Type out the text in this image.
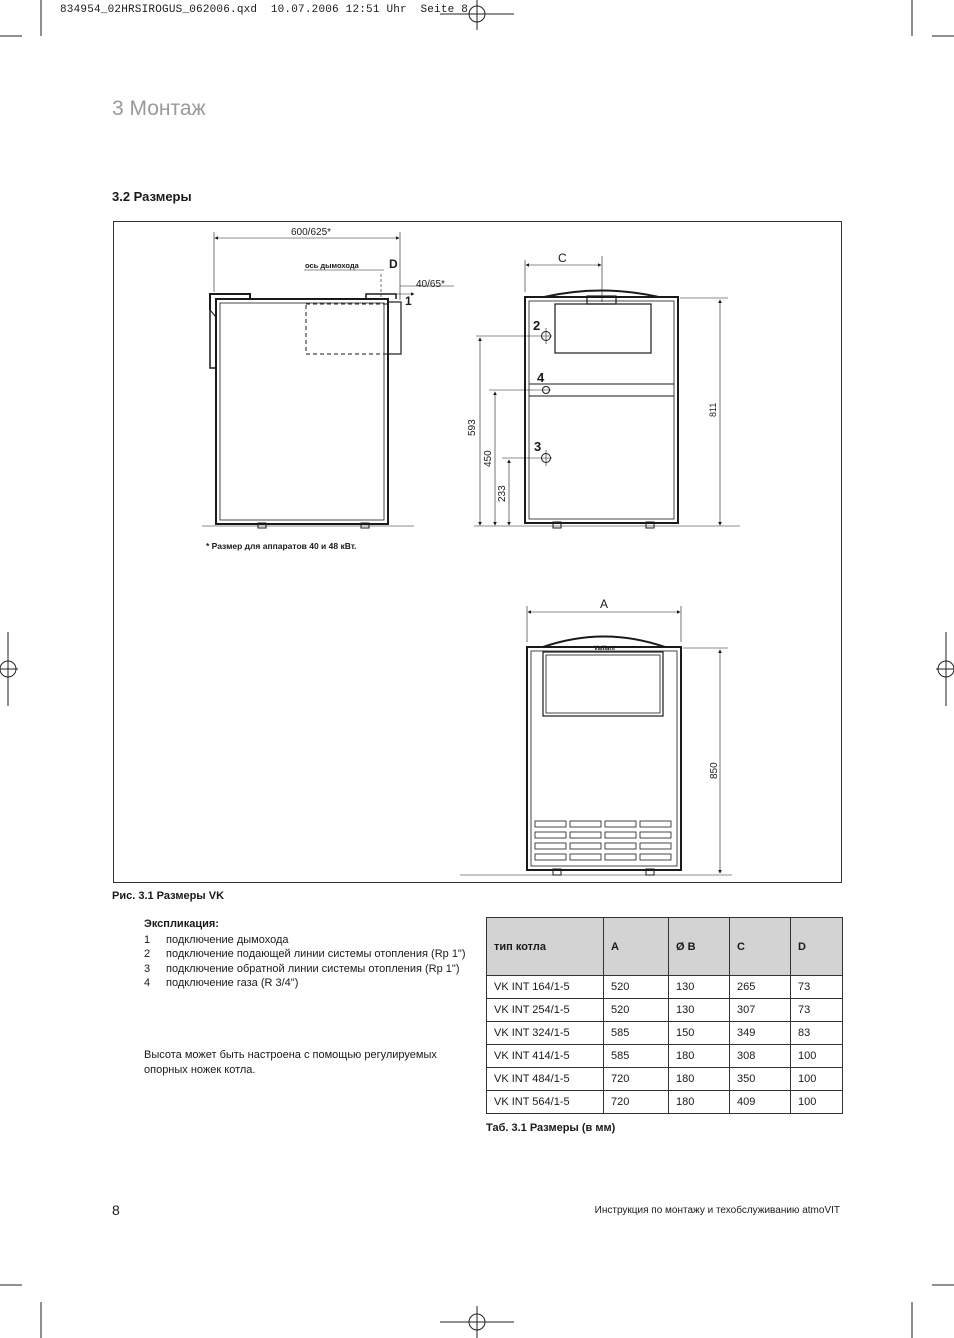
834954_02HRSIROGUS_062006.qxd  10.07.2006 12:51 Uhr  Seite 8
3 Монтаж
3.2 Размеры
600/625*
ось дымохода	D
40/65*
1
* Размер для аппаратов 40 и 48 кВт.
C
2
4
3
593
450
233
811
A
Vaillant
850
Рис. 3.1 Размеры VK
Экспликация:
1	подключение дымохода
2	подключение подающей линии системы отопления (Rp 1")
3	подключение обратной линии системы отопления (Rp 1")
4	подключение газа (R 3/4")
Высота может быть настроена с помощью регулируемых опорных ножек котла.
тип котла	A	Ø B	C	D
VK INT 164/1-5	520	130	265	73
VK INT 254/1-5	520	130	307	73
VK INT 324/1-5	585	150	349	83
VK INT 414/1-5	585	180	308	100
VK INT 484/1-5	720	180	350	100
VK INT 564/1-5	720	180	409	100
Таб. 3.1 Размеры (в мм)
8	Инструкция по монтажу и техобслуживанию atmoVIT
